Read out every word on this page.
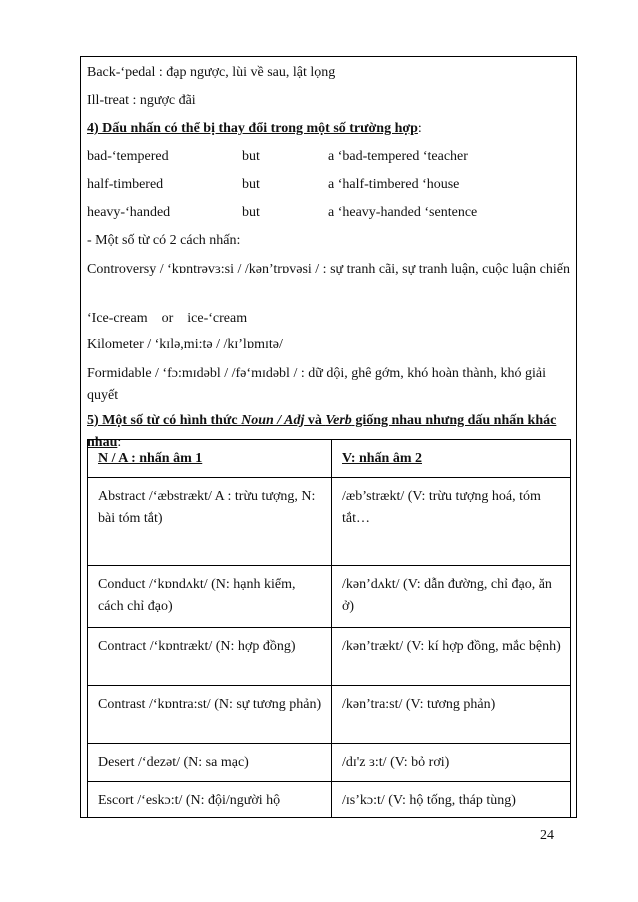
Back-‘pedal : đạp ngược, lùi về sau, lật lọng
Ill-treat : ngược đãi
4) Dấu nhấn có thể bị thay đổi trong một số trường hợp:
bad-‘tempered	but	a ‘bad-tempered ‘teacher
half-timbered	but	a ‘half-timbered ‘house
heavy-‘handed	but	a ‘heavy-handed ‘sentence
- Một số từ có 2 cách nhấn:
Controversy / ‘kɒntrəvɜ:si / /kən’trɒvəsi / : sự tranh cãi, sự tranh luận, cuộc luận chiến
‘Ice-cream or ice-‘cream
Kilometer / ‘kɪlə,mi:tə / /kɪ’lɒmɪtə/
Formidable / ‘fɔ:mɪdəbl / /fə‘mɪdəbl / : dữ dội, ghê gớm, khó hoàn thành, khó giải quyết
5) Một số từ có hình thức Noun / Adj và Verb giống nhau nhưng dấu nhấn khác nhau:
N / A : nhấn âm 1	V: nhấn âm 2
Abstract /‘æbstrækt/ A : trừu tượng, N: bài tóm tắt)	/æb’strækt/ (V: trừu tượng hoá, tóm tắt…
Conduct /‘kɒndʌkt/ (N: hạnh kiểm, cách chỉ đạo)	/kən’dʌkt/ (V: dẫn đường, chỉ đạo, ăn ở)
Contract /‘kɒntrækt/ (N: hợp đồng)	/kən’trækt/ (V: kí hợp đồng, mắc bệnh)
Contrast /‘kɒntra:st/ (N: sự tương phản)	/kən’tra:st/ (V: tương phản)
Desert /‘dezət/ (N: sa mạc)	/dɪ'z ɜ:t/ (V: bỏ rơi)
Escort /‘eskɔ:t/ (N: đội/người hộ	/ɪs’kɔ:t/ (V: hộ tống, tháp tùng)
24
